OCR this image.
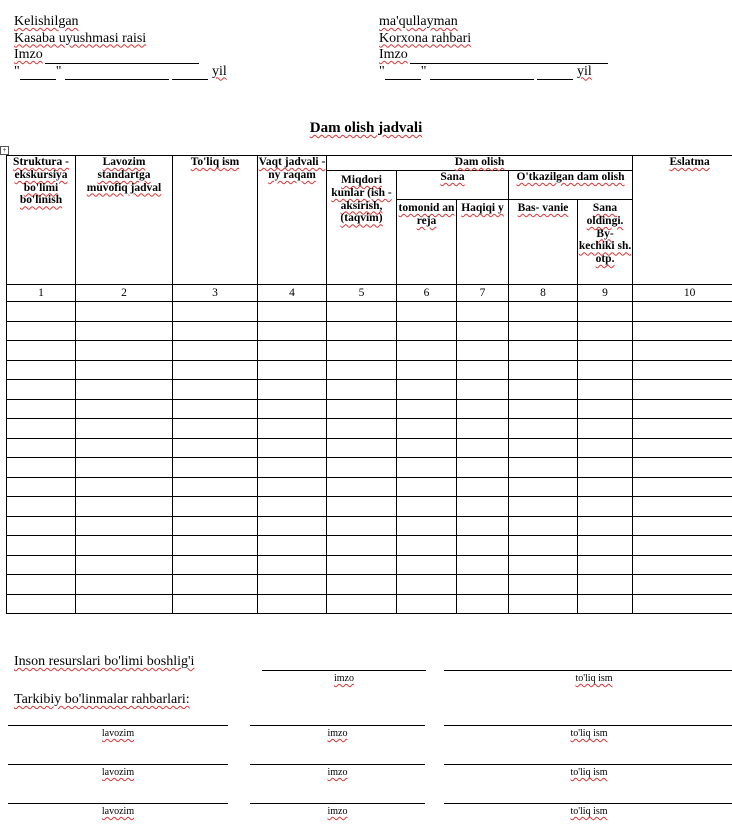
Kelishilgan
Kasaba uyushmasi raisi
Imzo
"	"	yil
ma'qullayman
Korxona rahbari
Imzo
"	"	yil
Dam olish jadvali
+
Struktura - ekskursiya bo'limi bo'linish	Lavozim standartga muvofiq jadval	To'liq ism	Vaqt jadvali - ny raqam	Dam olish					Eslatma
				Miqdori kunlar (ish - aksirish, (taqvim)	Sana		O'tkazilgan dam olish		
					tomonid an reja	Haqiqi y	Bas- vanie	Sana oldingi. By- kechiki sh. otp.	
1	2	3	4	5	6	7	8	9	10

Inson resurslari bo'limi boshlig'i
imzo	to'liq ism
Tarkibiy bo'linmalar rahbarlari:
lavozim	imzo	to'liq ism
lavozim	imzo	to'liq ism
lavozim	imzo	to'liq ism
